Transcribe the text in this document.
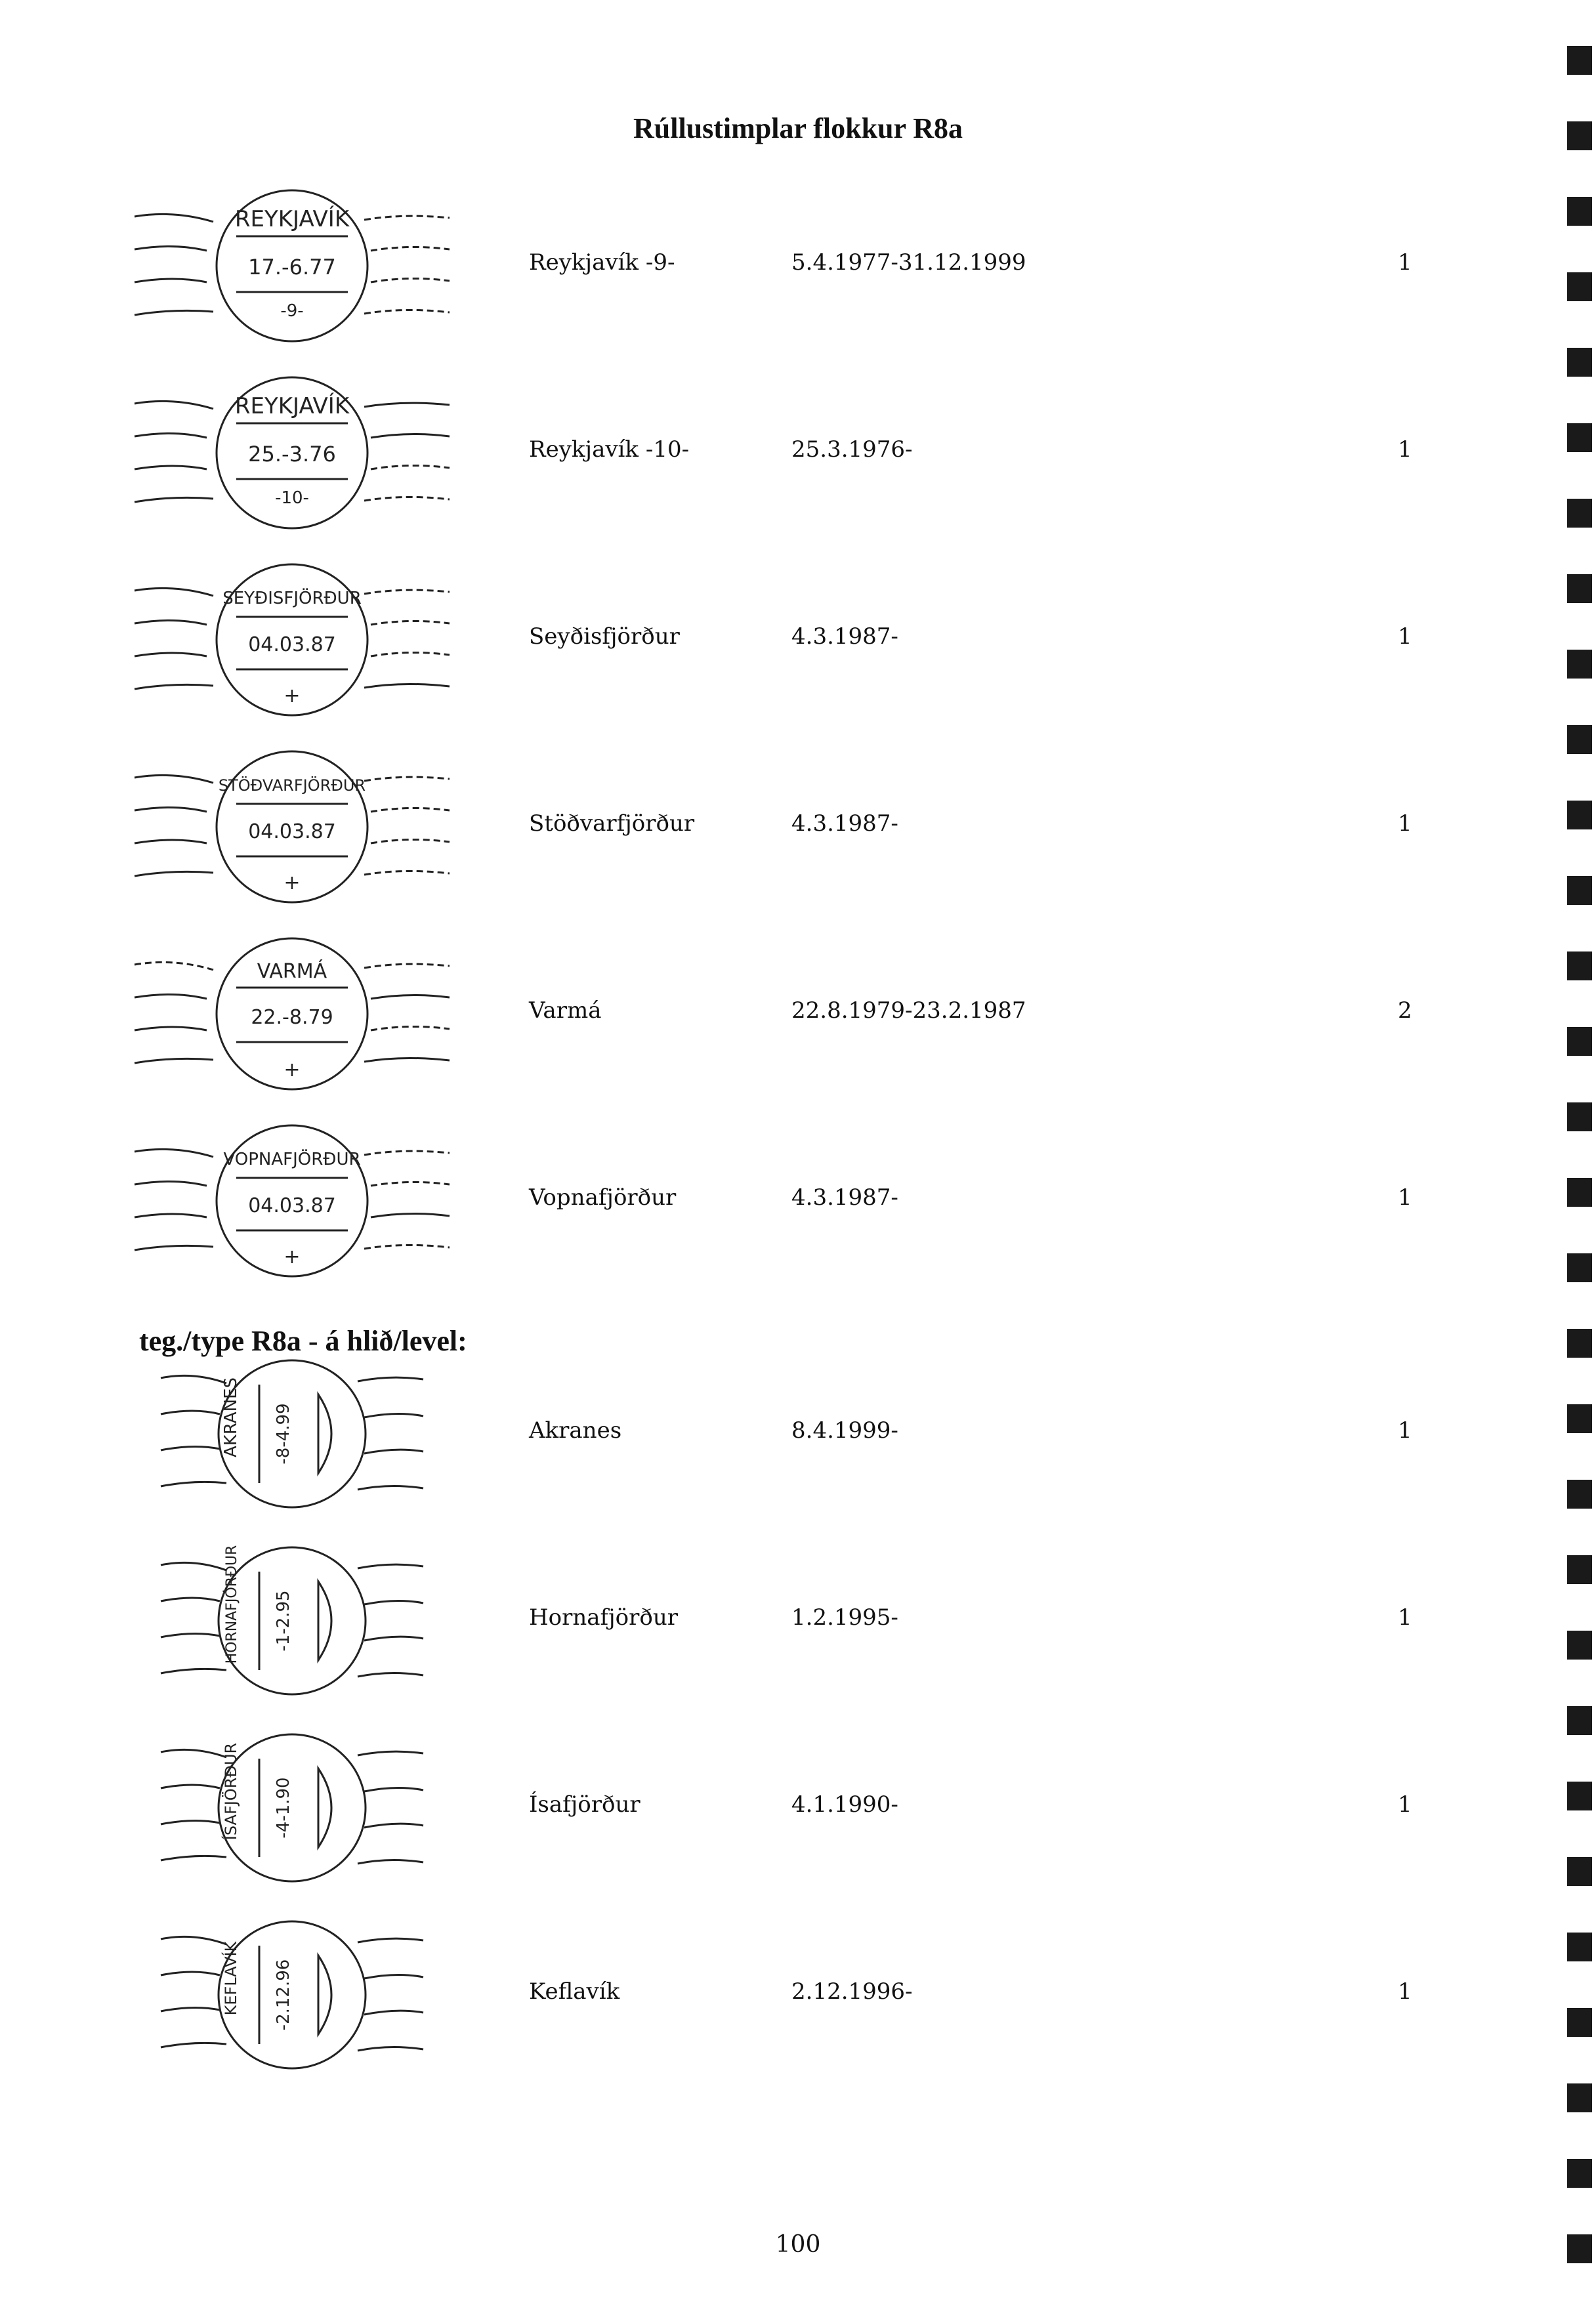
Rúllustimplar flokkur R8a
REYKJAVÍK
17.-6.77
-9-
Reykjavík -9-	5.4.1977-31.12.1999	1
REYKJAVÍK
25.-3.76
-10-
Reykjavík -10-	25.3.1976-	1
SEYÐISFJÖRÐUR
04.03.87
+
Seyðisfjörður	4.3.1987-	1
STÖÐVARFJÖRÐUR
04.03.87
+
Stöðvarfjörður	4.3.1987-	1
VARMÁ
22.-8.79
+
Varmá	22.8.1979-23.2.1987	2
VOPNAFJÖRÐUR
04.03.87
+
Vopnafjörður	4.3.1987-	1
teg./type R8a - á hlið/level:
AKRANES -8-4.99	Akranes	8.4.1999-	1
HORNAFJÖRÐUR -1-2.95	Hornafjörður	1.2.1995-	1
ÍSAFJÖRÐUR -4-1.90	Ísafjörður	4.1.1990-	1
KEFLAVÍK -2.12.96	Keflavík	2.12.1996-	1
100
